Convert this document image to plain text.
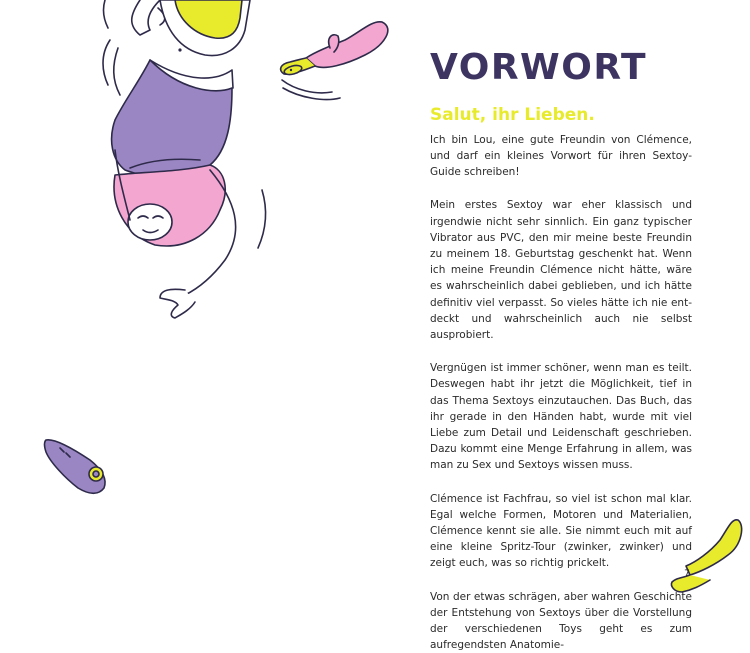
VORWORT
Salut, ihr Lieben.

Ich bin Lou, eine gute Freundin von Clémence, und darf ein kleines Vorwort für ihren Sextoy-Guide schreiben!

Mein erstes Sextoy war eher klassisch und irgendwie nicht sehr sinnlich. Ein ganz typischer Vibrator aus PVC, den mir meine beste Freundin zu meinem 18. Geburtstag geschenkt hat. Wenn ich meine Freundin Clémence nicht hätte, wäre es wahrscheinlich dabei geblieben, und ich hätte definitiv viel verpasst. So vieles hätte ich nie entdeckt und wahrscheinlich auch nie selbst ausprobiert.

Vergnügen ist immer schöner, wenn man es teilt. Deswegen habt ihr jetzt die Möglichkeit, tief in das Thema Sextoys einzutauchen. Das Buch, das ihr gerade in den Händen habt, wurde mit viel Liebe zum Detail und Leidenschaft geschrieben. Dazu kommt eine Menge Erfahrung in allem, was man zu Sex und Sextoys wissen muss.

Clémence ist Fachfrau, so viel ist schon mal klar. Egal welche Formen, Motoren und Materialien, Clémence kennt sie alle. Sie nimmt euch mit auf eine kleine Spritz-Tour (zwinker, zwinker) und zeigt euch, was so richtig prickelt.

Von der etwas schrägen, aber wahren Geschichte der Entstehung von Sextoys über die Vorstellung der verschiedenen Toys geht es zum aufregendsten Anatomie-

7
